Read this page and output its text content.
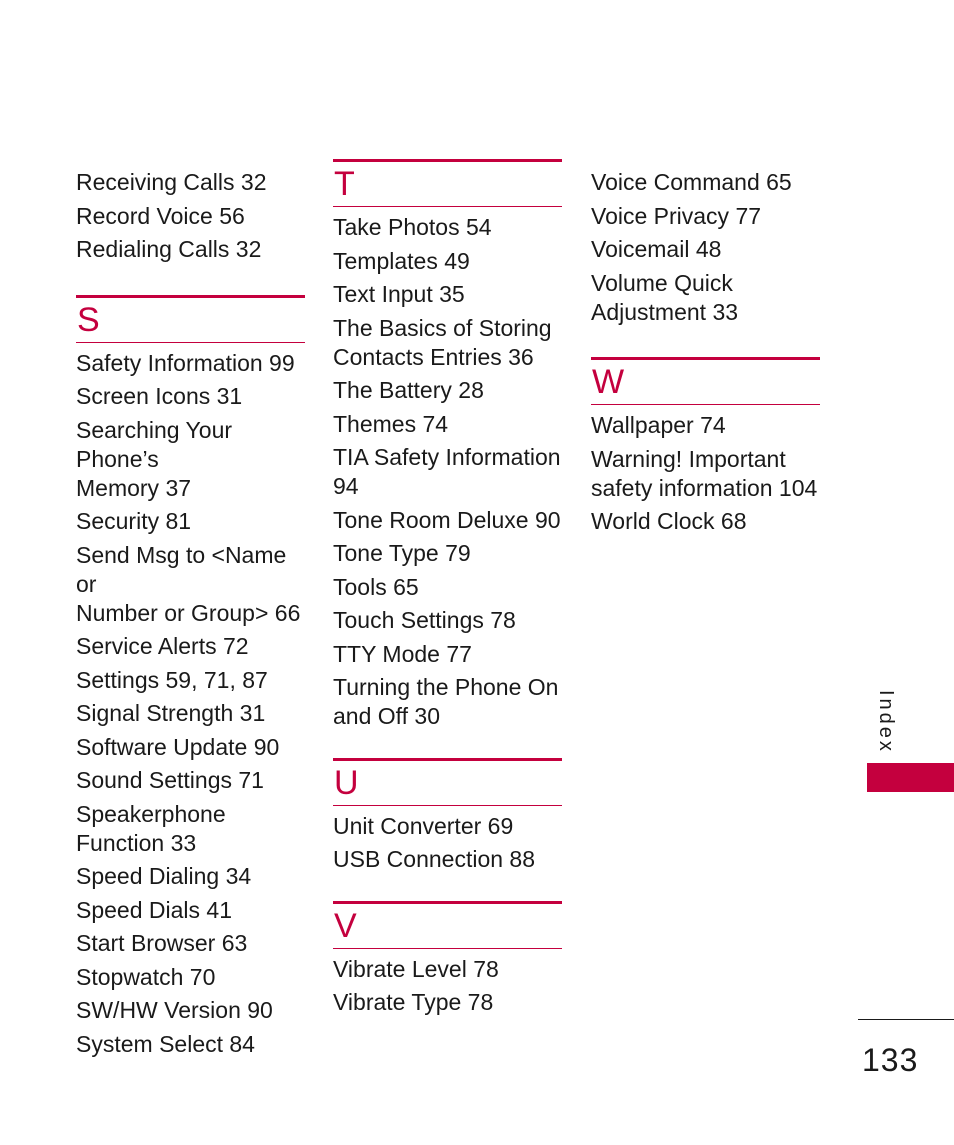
Receiving Calls 32
Record Voice 56
Redialing Calls 32
S
Safety Information 99
Screen Icons 31
Searching Your Phone’s
Memory 37
Security 81
Send Msg to <Name or
Number or Group> 66
Service Alerts 72
Settings 59, 71, 87
Signal Strength 31
Software Update 90
Sound Settings 71
Speakerphone
Function 33
Speed Dialing 34
Speed Dials 41
Start Browser 63
Stopwatch 70
SW/HW Version 90
System Select 84
T
Take Photos 54
Templates 49
Text Input 35
The Basics of Storing
Contacts Entries 36
The Battery 28
Themes 74
TIA Safety Information
94
Tone Room Deluxe 90
Tone Type 79
Tools 65
Touch Settings 78
TTY Mode 77
Turning the Phone On
and Off 30
U
Unit Converter 69
USB Connection 88
V
Vibrate Level 78
Vibrate Type 78
Voice Command 65
Voice Privacy 77
Voicemail 48
Volume Quick
Adjustment 33
W
Wallpaper 74
Warning! Important
safety information 104
World Clock 68
Index
133
